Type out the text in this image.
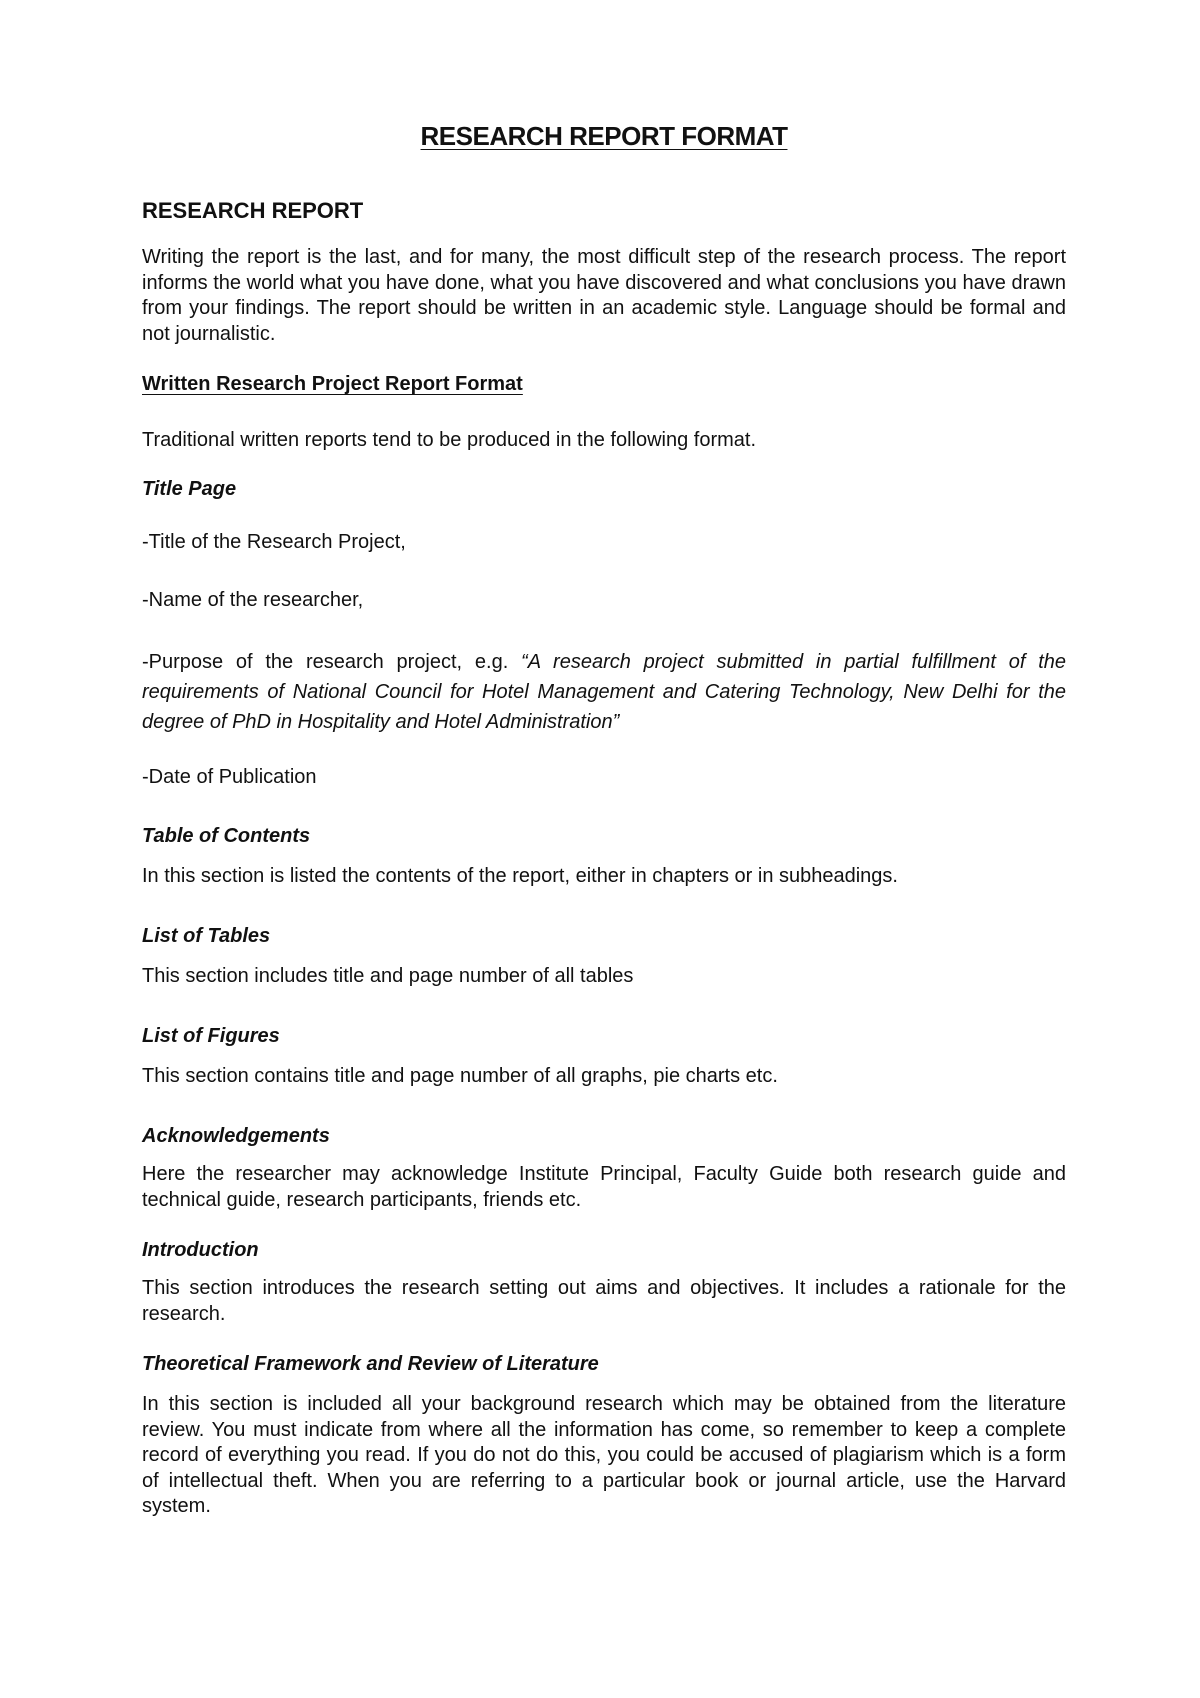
RESEARCH REPORT FORMAT
RESEARCH REPORT

Writing the report is the last, and for many, the most difficult step of the research process. The report informs the world what you have done, what you have discovered and what conclusions you have drawn from your findings. The report should be written in an academic style. Language should be formal and not journalistic.

Written Research Project Report Format

Traditional written reports tend to be produced in the following format.

Title Page

-Title of the Research Project,

-Name of the researcher,

-Purpose of the research project, e.g. “A research project submitted in partial fulfillment of the requirements of National Council for Hotel Management and Catering Technology, New Delhi for the degree of PhD in Hospitality and Hotel Administration”

-Date of Publication

Table of Contents

In this section is listed the contents of the report, either in chapters or in subheadings.

List of Tables

This section includes title and page number of all tables

List of Figures

This section contains title and page number of all graphs, pie charts etc.

Acknowledgements

Here the researcher may acknowledge Institute Principal, Faculty Guide both research guide and technical guide, research participants, friends etc.

Introduction

This section introduces the research setting out aims and objectives. It includes a rationale for the research.

Theoretical Framework and Review of Literature

In this section is included all your background research which may be obtained from the literature review. You must indicate from where all the information has come, so remember to keep a complete record of everything you read. If you do not do this, you could be accused of plagiarism which is a form of intellectual theft. When you are referring to a particular book or journal article, use the Harvard system.
